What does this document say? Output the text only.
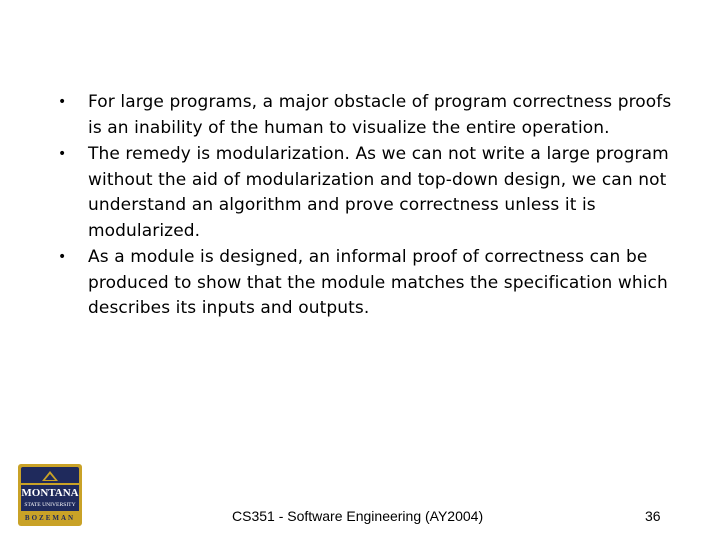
• For large programs, a major obstacle of program correctness proofs is an inability of the human to visualize the entire operation.
• The remedy is modularization. As we can not write a large program without the aid of modularization and top-down design, we can not understand an algorithm and prove correctness unless it is modularized.
• As a module is designed, an informal proof of correctness can be produced to show that the module matches the specification which describes its inputs and outputs.
MONTANA
STATE UNIVERSITY
BOZEMAN	CS351 - Software Engineering (AY2004)	36
